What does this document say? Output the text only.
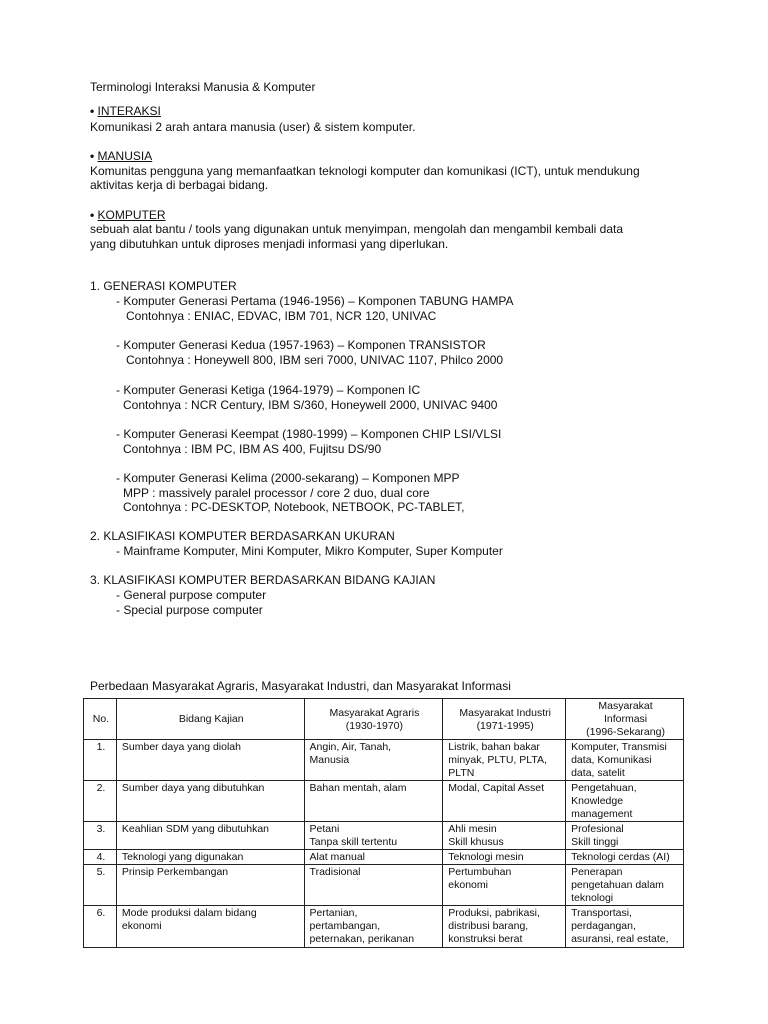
Terminologi Interaksi Manusia & Komputer
• INTERAKSI
Komunikasi 2 arah antara manusia (user) & sistem komputer.
• MANUSIA
Komunitas pengguna yang memanfaatkan teknologi komputer dan komunikasi (ICT), untuk mendukung
aktivitas kerja di berbagai bidang.
• KOMPUTER
sebuah alat bantu / tools yang digunakan untuk menyimpan, mengolah dan mengambil kembali data
yang dibutuhkan untuk diproses menjadi informasi yang diperlukan.
1. GENERASI KOMPUTER
- Komputer Generasi Pertama (1946-1956) – Komponen TABUNG HAMPA
Contohnya : ENIAC, EDVAC, IBM 701, NCR 120, UNIVAC
- Komputer Generasi Kedua (1957-1963) – Komponen TRANSISTOR
Contohnya : Honeywell 800, IBM seri 7000, UNIVAC 1107, Philco 2000
- Komputer Generasi Ketiga (1964-1979) – Komponen IC
Contohnya : NCR Century, IBM S/360, Honeywell 2000, UNIVAC 9400
- Komputer Generasi Keempat (1980-1999) – Komponen CHIP LSI/VLSI
Contohnya : IBM PC, IBM AS 400, Fujitsu DS/90
- Komputer Generasi Kelima (2000-sekarang) – Komponen MPP
MPP : massively paralel processor / core 2 duo, dual core
Contohnya : PC-DESKTOP, Notebook, NETBOOK, PC-TABLET,
2. KLASIFIKASI KOMPUTER BERDASARKAN UKURAN
- Mainframe Komputer, Mini Komputer, Mikro Komputer, Super Komputer
3. KLASIFIKASI KOMPUTER BERDASARKAN BIDANG KAJIAN
- General purpose computer
- Special purpose computer
Perbedaan Masyarakat Agraris, Masyarakat Industri, dan Masyarakat Informasi
No.	Bidang Kajian	Masyarakat Agraris
(1930-1970)	Masyarakat Industri
(1971-1995)	Masyarakat
Informasi
(1996-Sekarang)

1.	Sumber daya yang diolah	Angin, Air, Tanah,
Manusia	Listrik, bahan bakar
minyak, PLTU, PLTA,
PLTN	Komputer, Transmisi
data, Komunikasi
data, satelit

2.	Sumber daya yang dibutuhkan	Bahan mentah, alam	Modal, Capital Asset	Pengetahuan,
Knowledge
management

3.	Keahlian SDM yang dibutuhkan	Petani
Tanpa skill tertentu	Ahli mesin
Skill khusus	Profesional
Skill tinggi

4.	Teknologi yang digunakan	Alat manual	Teknologi mesin	Teknologi cerdas (AI)

5.	Prinsip Perkembangan	Tradisional	Pertumbuhan
ekonomi	Penerapan
pengetahuan dalam
teknologi

6.	Mode produksi dalam bidang
ekonomi	Pertanian,
pertambangan,
peternakan, perikanan	Produksi, pabrikasi,
distribusi barang,
konstruksi berat	Transportasi,
perdagangan,
asuransi, real estate,
